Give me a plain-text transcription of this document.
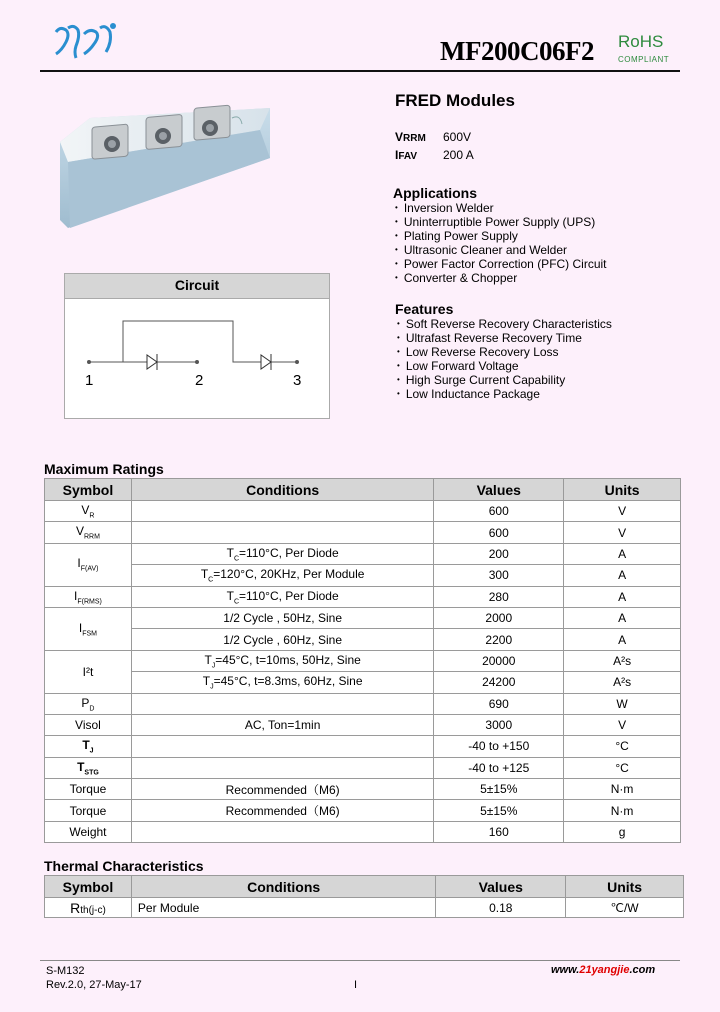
MF200C06F2 RoHS
COMPLIANT
FRED Modules
VRRM 600V
IFAV 200 A
Applications
• Inversion Welder
• Uninterruptible Power Supply (UPS)
• Plating Power Supply
• Ultrasonic Cleaner and Welder
• Power Factor Correction (PFC) Circuit
• Converter & Chopper
Features
• Soft Reverse Recovery Characteristics
• Ultrafast Reverse Recovery Time
• Low Reverse Recovery Loss
• Low Forward Voltage
• High Surge Current Capability
• Low Inductance Package
Circuit
1	2	3
Maximum Ratings
Symbol	Conditions	Values	Units
$V_R$		600	V
$V_{RRM}$		600	V
$I_{F(AV)}$	$T_C=110^\circ C$, Per Diode	200	A
	$T_C=120^\circ C$, 20KHz, Per Module	300	A
$I_{F(RMS)}$	$T_C=110^\circ C$, Per Diode	280	A
$I_{FSM}$	1/2 Cycle , 50Hz, Sine	2000	A
	1/2 Cycle , 60Hz, Sine	2200	A
I²t	$T_J=45^\circ C$, t=10ms, 50Hz, Sine	20000	A²s
	$T_J=45^\circ C$, t=8.3ms, 60Hz, Sine	24200	A²s
$P_D$		690	W
Visol	AC, Ton=1min	3000	V
$T_J$		-40 to +150	°C
$T_{STG}$		-40 to +125	°C
Torque	Recommended（M6)	5±15%	N·m
Torque	Recommended（M6)	5±15%	N·m
Weight		160	g
Thermal Characteristics
Symbol	Conditions	Values	Units
Rth(j-c)	Per Module	0.18	℃/W
S-M132
Rev.2.0, 27-May-17	I
www.21yangjie.com
